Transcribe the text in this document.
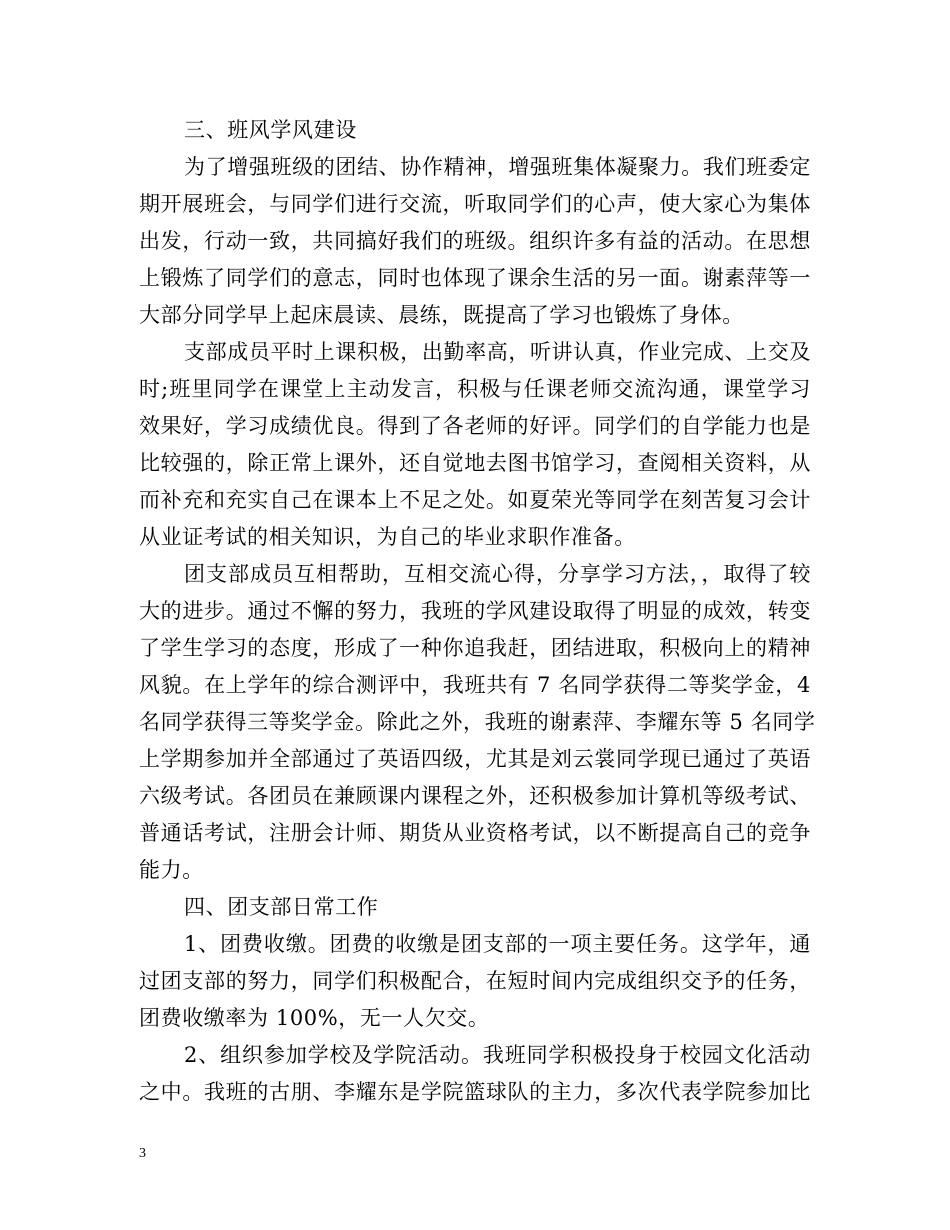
三、班风学风建设
为了增强班级的团结、协作精神，增强班集体凝聚力。我们班委定
期开展班会，与同学们进行交流，听取同学们的心声，使大家心为集体
出发，行动一致，共同搞好我们的班级。组织许多有益的活动。在思想
上锻炼了同学们的意志，同时也体现了课余生活的另一面。谢素萍等一
大部分同学早上起床晨读、晨练，既提高了学习也锻炼了身体。
支部成员平时上课积极，出勤率高，听讲认真，作业完成、上交及
时;班里同学在课堂上主动发言，积极与任课老师交流沟通，课堂学习
效果好，学习成绩优良。得到了各老师的好评。同学们的自学能力也是
比较强的，除正常上课外，还自觉地去图书馆学习，查阅相关资料，从
而补充和充实自己在课本上不足之处。如夏荣光等同学在刻苦复习会计
从业证考试的相关知识，为自己的毕业求职作准备。
团支部成员互相帮助，互相交流心得，分享学习方法，，取得了较
大的进步。通过不懈的努力，我班的学风建设取得了明显的成效，转变
了学生学习的态度，形成了一种你追我赶，团结进取，积极向上的精神
风貌。在上学年的综合测评中，我班共有 7 名同学获得二等奖学金，4
名同学获得三等奖学金。除此之外，我班的谢素萍、李耀东等 5 名同学
上学期参加并全部通过了英语四级，尤其是刘云裳同学现已通过了英语
六级考试。各团员在兼顾课内课程之外，还积极参加计算机等级考试、
普通话考试，注册会计师、期货从业资格考试，以不断提高自己的竞争
能力。
四、团支部日常工作
1、团费收缴。团费的收缴是团支部的一项主要任务。这学年，通
过团支部的努力，同学们积极配合，在短时间内完成组织交予的任务，
团费收缴率为 100%，无一人欠交。
2、组织参加学校及学院活动。我班同学积极投身于校园文化活动
之中。我班的古朋、李耀东是学院篮球队的主力，多次代表学院参加比
3
